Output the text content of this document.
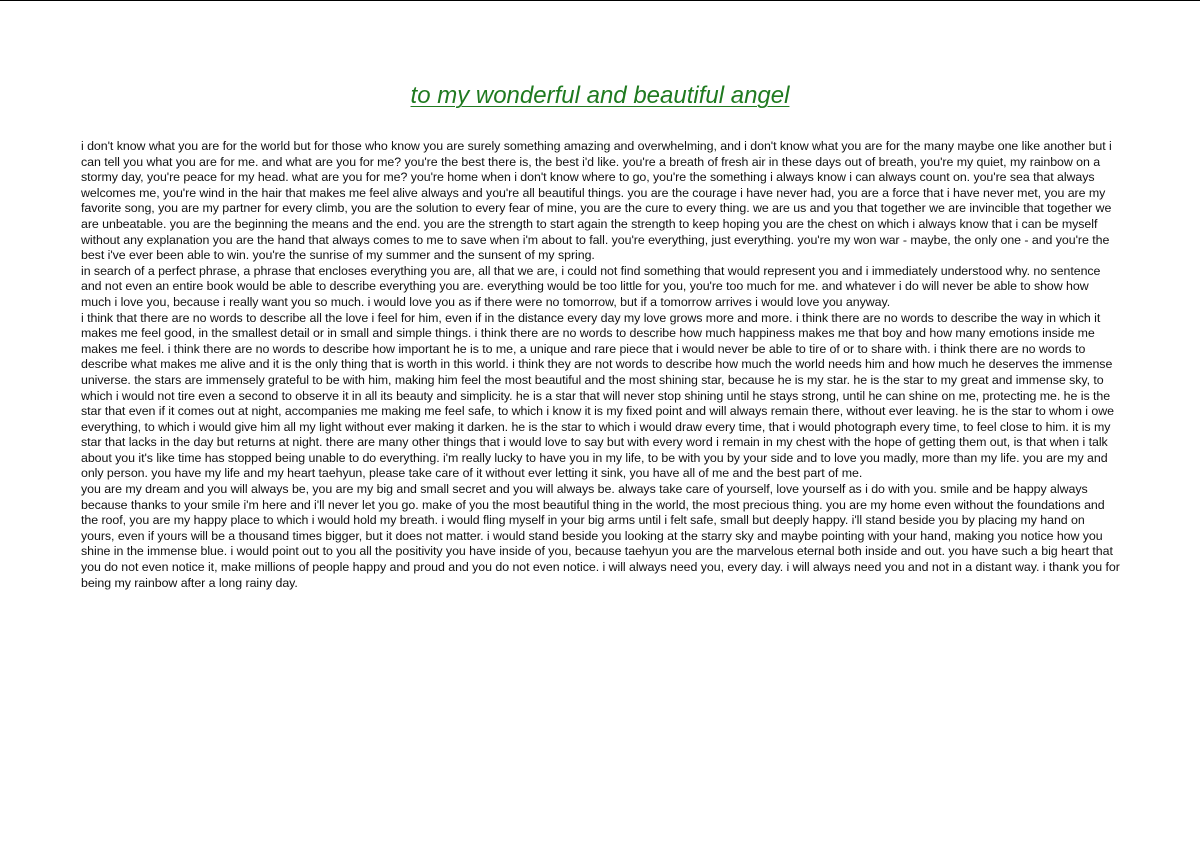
to my wonderful and beautiful angel

i don't know what you are for the world but for those who know you are surely something amazing and overwhelming, and i don't know what you are for the many maybe one like another but i can tell you what you are for me. and what are you for me? you're the best there is, the best i'd like. you're a breath of fresh air in these days out of breath, you're my quiet, my rainbow on a stormy day, you're peace for my head. what are you for me? you're home when i don't know where to go, you're the something i always know i can always count on. you're sea that always welcomes me, you're wind in the hair that makes me feel alive always and you're all beautiful things. you are the courage i have never had, you are a force that i have never met, you are my favorite song, you are my partner for every climb, you are the solution to every fear of mine, you are the cure to every thing. we are us and you that together we are invincible that together we are unbeatable. you are the beginning the means and the end. you are the strength to start again the strength to keep hoping you are the chest on which i always know that i can be myself without any explanation you are the hand that always comes to me to save when i'm about to fall. you're everything, just everything. you're my won war - maybe, the only one - and you're the best i've ever been able to win. you're the sunrise of my summer and the sunsent of my spring.

in search of a perfect phrase, a phrase that encloses everything you are, all that we are, i could not find something that would represent you and i immediately understood why. no sentence and not even an entire book would be able to describe everything you are. everything would be too little for you, you're too much for me. and whatever i do will never be able to show how much i love you, because i really want you so much. i would love you as if there were no tomorrow, but if a tomorrow arrives i would love you anyway.

i think that there are no words to describe all the love i feel for him, even if in the distance every day my love grows more and more. i think there are no words to describe the way in which it makes me feel good, in the smallest detail or in small and simple things. i think there are no words to describe how much happiness makes me that boy and how many emotions inside me makes me feel. i think there are no words to describe how important he is to me, a unique and rare piece that i would never be able to tire of or to share with. i think there are no words to describe what makes me alive and it is the only thing that is worth in this world. i think they are not words to describe how much the world needs him and how much he deserves the immense universe. the stars are immensely grateful to be with him, making him feel the most beautiful and the most shining star, because he is my star. he is the star to my great and immense sky, to which i would not tire even a second to observe it in all its beauty and simplicity. he is a star that will never stop shining until he stays strong, until he can shine on me, protecting me. he is the star that even if it comes out at night, accompanies me making me feel safe, to which i know it is my fixed point and will always remain there, without ever leaving. he is the star to whom i owe everything, to which i would give him all my light without ever making it darken. he is the star to which i would draw every time, that i would photograph every time, to feel close to him. it is my star that lacks in the day but returns at night. there are many other things that i would love to say but with every word i remain in my chest with the hope of getting them out, is that when i talk about you it's like time has stopped being unable to do everything. i'm really lucky to have you in my life, to be with you by your side and to love you madly, more than my life. you are my and only person. you have my life and my heart taehyun, please take care of it without ever letting it sink, you have all of me and the best part of me.

you are my dream and you will always be, you are my big and small secret and you will always be. always take care of yourself, love yourself as i do with you. smile and be happy always because thanks to your smile i'm here and i'll never let you go. make of you the most beautiful thing in the world, the most precious thing. you are my home even without the foundations and the roof, you are my happy place to which i would hold my breath. i would fling myself in your big arms until i felt safe, small but deeply happy. i'll stand beside you by placing my hand on yours, even if yours will be a thousand times bigger, but it does not matter. i would stand beside you looking at the starry sky and maybe pointing with your hand, making you notice how you shine in the immense blue. i would point out to you all the positivity you have inside of you, because taehyun you are the marvelous eternal both inside and out. you have such a big heart that you do not even notice it, make millions of people happy and proud and you do not even notice. i will always need you, every day. i will always need you and not in a distant way. i thank you for being my rainbow after a long rainy day.
